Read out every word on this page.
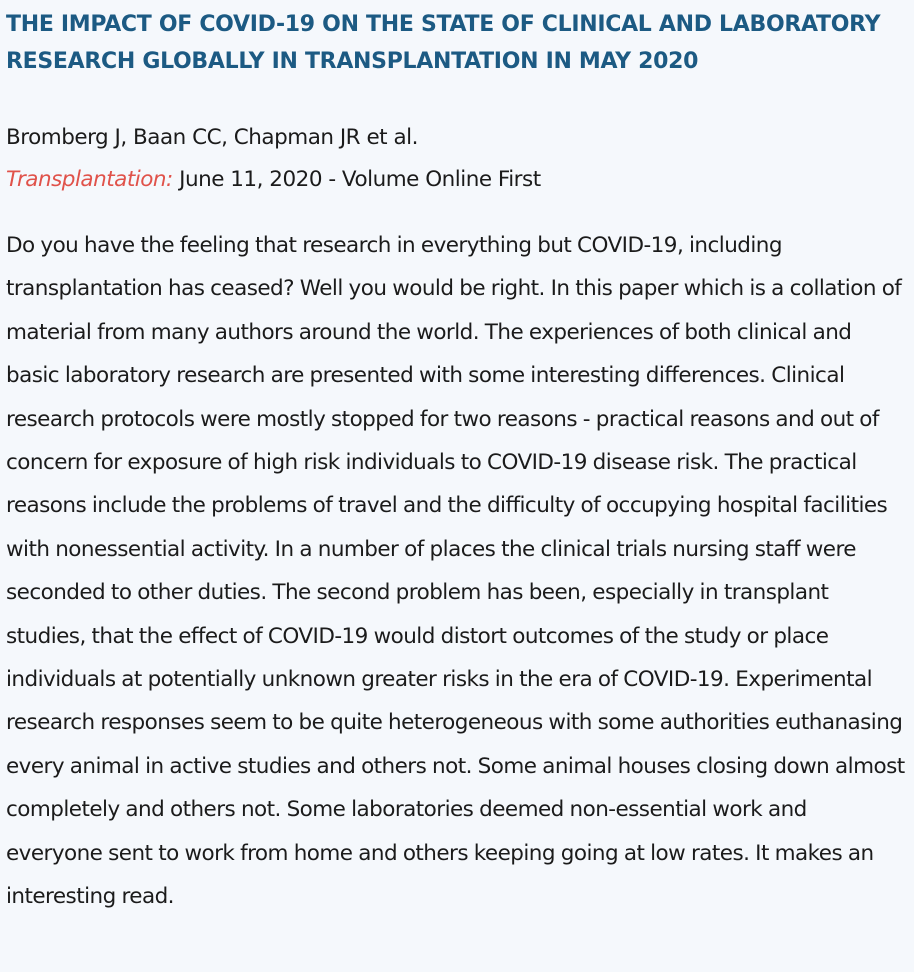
THE IMPACT OF COVID-19 ON THE STATE OF CLINICAL AND LABORATORY RESEARCH GLOBALLY IN TRANSPLANTATION IN MAY 2020

Bromberg J, Baan CC, Chapman JR et al.

Transplantation: June 11, 2020 - Volume Online First

Do you have the feeling that research in everything but COVID-19, including transplantation has ceased? Well you would be right. In this paper which is a collation of material from many authors around the world. The experiences of both clinical and basic laboratory research are presented with some interesting differences. Clinical research protocols were mostly stopped for two reasons - practical reasons and out of concern for exposure of high risk individuals to COVID-19 disease risk. The practical reasons include the problems of travel and the difficulty of occupying hospital facilities with nonessential activity. In a number of places the clinical trials nursing staff were seconded to other duties. The second problem has been, especially in transplant studies, that the effect of COVID-19 would distort outcomes of the study or place individuals at potentially unknown greater risks in the era of COVID-19. Experimental research responses seem to be quite heterogeneous with some authorities euthanasing every animal in active studies and others not. Some animal houses closing down almost completely and others not. Some laboratories deemed non-essential work and everyone sent to work from home and others keeping going at low rates. It makes an interesting read.
